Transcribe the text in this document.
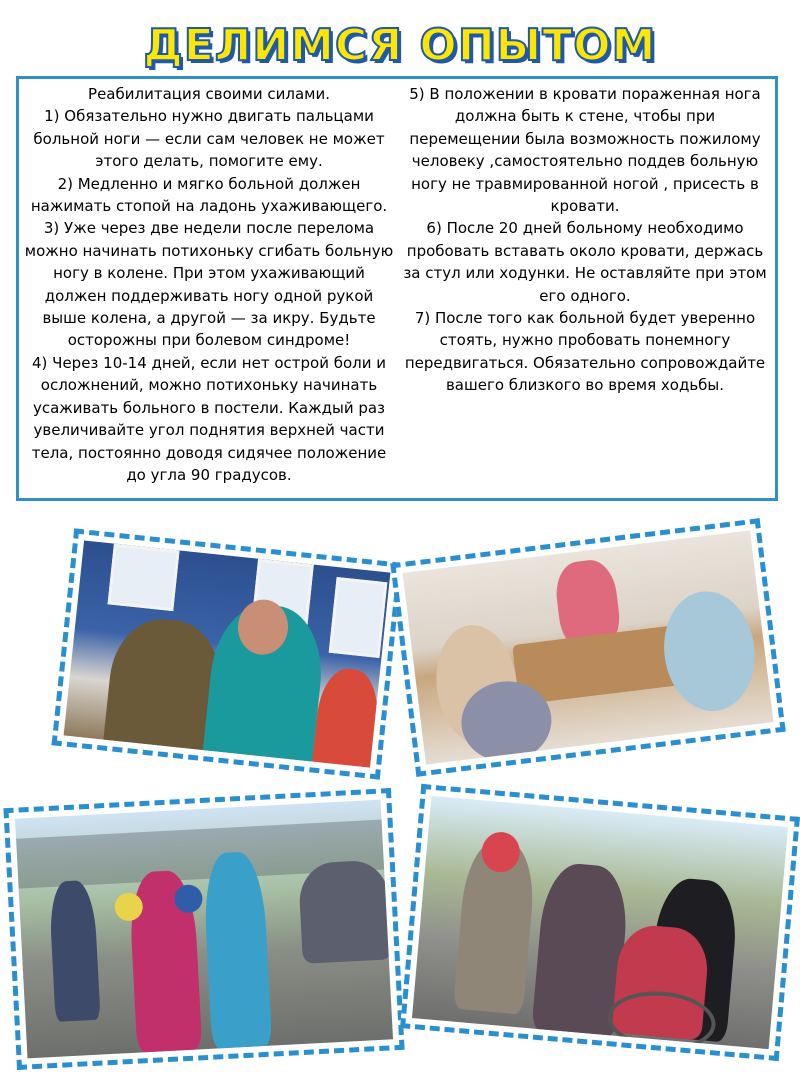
ДЕЛИМСЯ ОПЫТОМ

Реабилитация своими силами.

1) Обязательно нужно двигать пальцами больной ноги — если сам человек не может этого делать, помогите ему.

2) Медленно и мягко больной должен нажимать стопой на ладонь ухаживающего.

3) Уже через две недели после перелома можно начинать потихоньку сгибать больную ногу в колене. При этом ухаживающий должен поддерживать ногу одной рукой выше колена, а другой — за икру. Будьте осторожны при болевом синдроме!

4) Через 10-14 дней, если нет острой боли и осложнений, можно потихоньку начинать усаживать больного в постели. Каждый раз увеличивайте угол поднятия верхней части тела, постоянно доводя сидячее положение до угла 90 градусов.

5) В положении в кровати пораженная нога должна быть к стене, чтобы при перемещении была возможность пожилому человеку ,самостоятельно поддев больную ногу не травмированной ногой , присесть в кровати.

6) После 20 дней больному необходимо пробовать вставать около кровати, держась за стул или ходунки. Не оставляйте при этом его одного.

7) После того как больной будет уверенно стоять, нужно пробовать понемногу передвигаться. Обязательно сопровождайте вашего близкого во время ходьбы.
